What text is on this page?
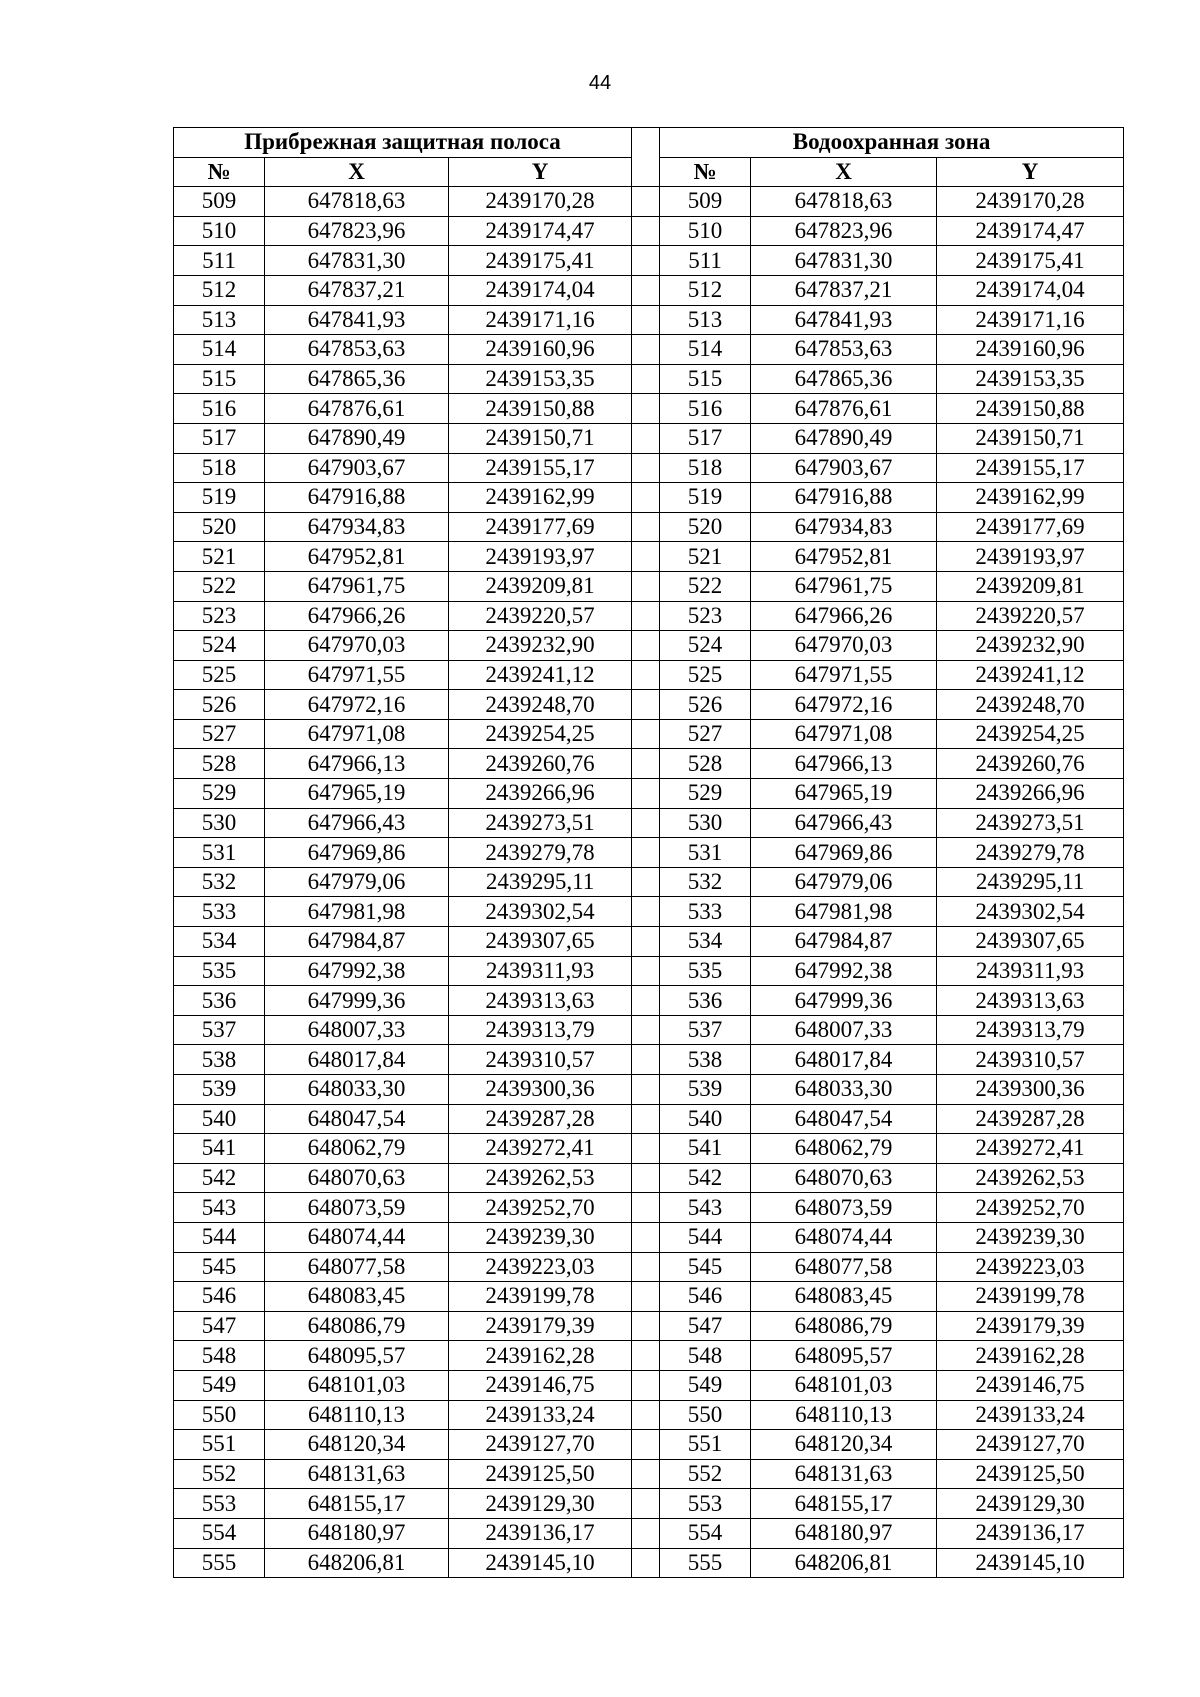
44
Прибрежная защитная полоса				Водоохранная зона		
№	X	Y		№	X	Y
509	647818,63	2439170,28		509	647818,63	2439170,28
510	647823,96	2439174,47		510	647823,96	2439174,47
511	647831,30	2439175,41		511	647831,30	2439175,41
512	647837,21	2439174,04		512	647837,21	2439174,04
513	647841,93	2439171,16		513	647841,93	2439171,16
514	647853,63	2439160,96		514	647853,63	2439160,96
515	647865,36	2439153,35		515	647865,36	2439153,35
516	647876,61	2439150,88		516	647876,61	2439150,88
517	647890,49	2439150,71		517	647890,49	2439150,71
518	647903,67	2439155,17		518	647903,67	2439155,17
519	647916,88	2439162,99		519	647916,88	2439162,99
520	647934,83	2439177,69		520	647934,83	2439177,69
521	647952,81	2439193,97		521	647952,81	2439193,97
522	647961,75	2439209,81		522	647961,75	2439209,81
523	647966,26	2439220,57		523	647966,26	2439220,57
524	647970,03	2439232,90		524	647970,03	2439232,90
525	647971,55	2439241,12		525	647971,55	2439241,12
526	647972,16	2439248,70		526	647972,16	2439248,70
527	647971,08	2439254,25		527	647971,08	2439254,25
528	647966,13	2439260,76		528	647966,13	2439260,76
529	647965,19	2439266,96		529	647965,19	2439266,96
530	647966,43	2439273,51		530	647966,43	2439273,51
531	647969,86	2439279,78		531	647969,86	2439279,78
532	647979,06	2439295,11		532	647979,06	2439295,11
533	647981,98	2439302,54		533	647981,98	2439302,54
534	647984,87	2439307,65		534	647984,87	2439307,65
535	647992,38	2439311,93		535	647992,38	2439311,93
536	647999,36	2439313,63		536	647999,36	2439313,63
537	648007,33	2439313,79		537	648007,33	2439313,79
538	648017,84	2439310,57		538	648017,84	2439310,57
539	648033,30	2439300,36		539	648033,30	2439300,36
540	648047,54	2439287,28		540	648047,54	2439287,28
541	648062,79	2439272,41		541	648062,79	2439272,41
542	648070,63	2439262,53		542	648070,63	2439262,53
543	648073,59	2439252,70		543	648073,59	2439252,70
544	648074,44	2439239,30		544	648074,44	2439239,30
545	648077,58	2439223,03		545	648077,58	2439223,03
546	648083,45	2439199,78		546	648083,45	2439199,78
547	648086,79	2439179,39		547	648086,79	2439179,39
548	648095,57	2439162,28		548	648095,57	2439162,28
549	648101,03	2439146,75		549	648101,03	2439146,75
550	648110,13	2439133,24		550	648110,13	2439133,24
551	648120,34	2439127,70		551	648120,34	2439127,70
552	648131,63	2439125,50		552	648131,63	2439125,50
553	648155,17	2439129,30		553	648155,17	2439129,30
554	648180,97	2439136,17		554	648180,97	2439136,17
555	648206,81	2439145,10		555	648206,81	2439145,10
